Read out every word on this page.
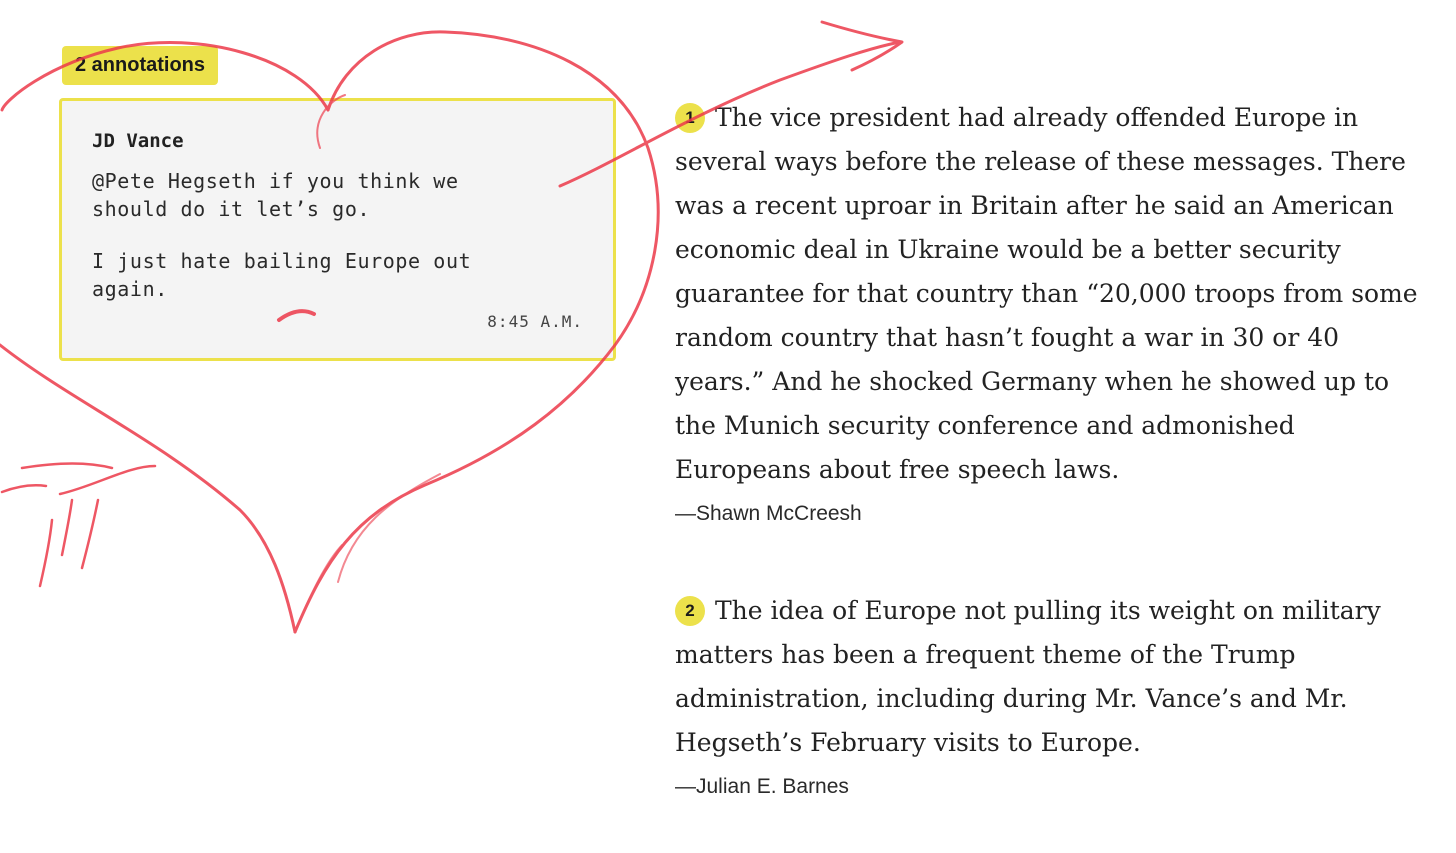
2 annotations
JD Vance

@Pete Hegseth if you think we should do it let’s go.

I just hate bailing Europe out again.

8:45 A.M.

1 The vice president had already offended Europe in several ways before the release of these messages. There was a recent uproar in Britain after he said an American economic deal in Ukraine would be a better security guarantee for that country than “20,000 troops from some random country that hasn’t fought a war in 30 or 40 years.” And he shocked Germany when he showed up to the Munich security conference and admonished Europeans about free speech laws.

—Shawn McCreesh

2 The idea of Europe not pulling its weight on military matters has been a frequent theme of the Trump administration, including during Mr. Vance’s and Mr. Hegseth’s February visits to Europe.

—Julian E. Barnes
